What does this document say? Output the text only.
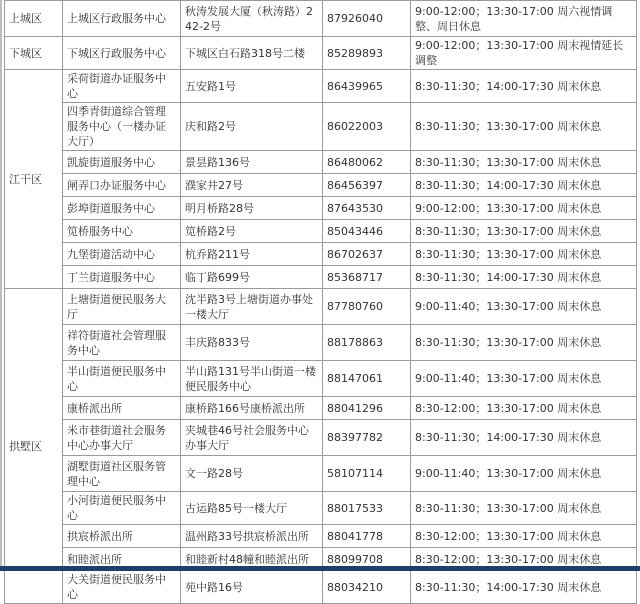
上城区	上城区行政服务中心	秋涛发展大厦（秋涛路）242-2号	87926040	9:00-12:00；13:30-17:00 周六视情调整、周日休息
下城区	下城区行政服务中心	下城区白石路318号二楼	85289893	9:00-12:00；13:30-17:00 周末视情延长调整
江干区	采荷街道办证服务中心	五安路1号	86439965	8:30-11:30；14:00-17:30 周末休息
	四季青街道综合管理服务中心（一楼办证大厅）	庆和路2号	86022003	8:30-11:30；13:30-17:00 周末休息
	凯旋街道服务中心	景昙路136号	86480062	8:30-11:30；13:30-17:00 周末休息
	闸弄口办证服务中心	濮家井27号	86456397	8:30-11:30；14:00-17:30 周末休息
	彭埠街道服务中心	明月桥路28号	87643530	9:00-12:00；13:30-17:00 周末休息
	笕桥服务中心	笕桥路2号	85043446	8:30-11:30；13:30-17:00 周末休息
	九堡街道活动中心	杭乔路211号	86702637	8:30-11:30；13:30-17:00 周末休息
	丁兰街道服务中心	临丁路699号	85368717	8:30-11:30；14:00-17:30 周末休息
拱墅区	上塘街道便民服务大厅	沈半路3号上塘街道办事处一楼大厅	87780760	9:00-11:40；13:30-17:00 周末休息
	祥符街道社会管理服务中心	丰庆路833号	88178863	8:30-11:30；13:30-17:00 周末休息
	半山街道便民服务中心	半山路131号半山街道一楼便民服务中心	88147061	9:00-11:40；13:30-17:00 周末休息
	康桥派出所	康桥路166号康桥派出所	88041296	8:30-12:00；13:30-17:00 周末休息
	米市巷街道社会服务中心办事大厅	夹城巷46号社会服务中心办事大厅	88397782	8:30-11:30；14:00-17:30 周末休息
	湖墅街道社区服务管理中心	文一路28号	58107114	9:00-11:40；13:30-17:00 周末休息
	小河街道便民服务中心	古运路85号一楼大厅	88017533	8:30-11:30；13:30-17:00 周末休息
	拱宸桥派出所	温州路33号拱宸桥派出所	88041778	8:30-12:00；13:30-17:00 周末休息
	和睦派出所	和睦新村48幢和睦派出所	88099708	8:30-12:00；13:30-17:00 周末休息
	大关街道便民服务中心	苑中路16号	88034210	8:30-11:30；14:00-17:30 周末休息
